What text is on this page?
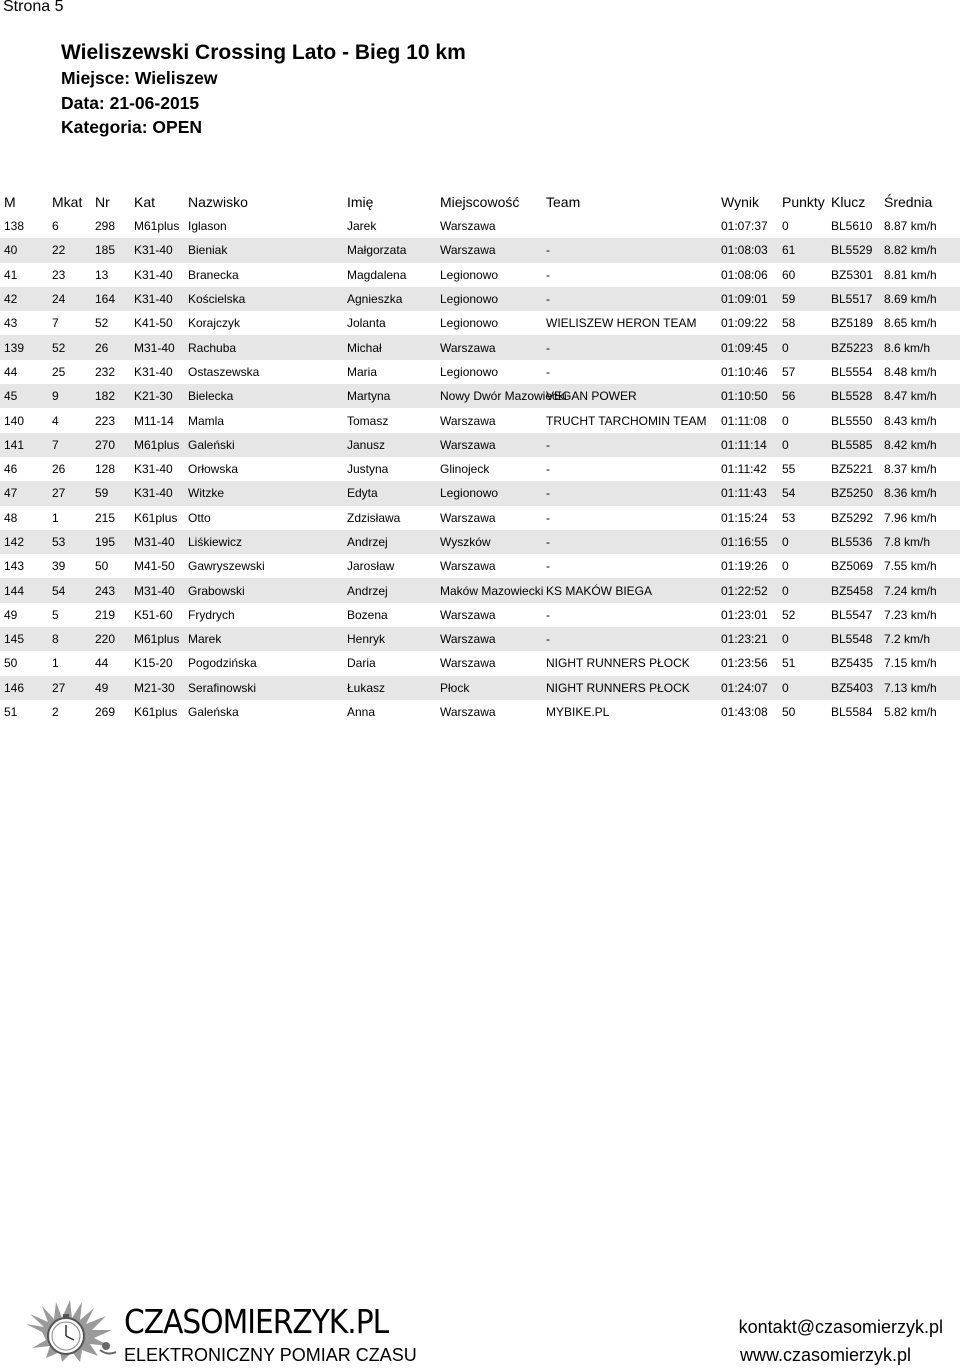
Strona 5
Wieliszewski Crossing Lato - Bieg 10 km
Miejsce: Wieliszew
Data: 21-06-2015
Kategoria: OPEN
M	Mkat	Nr	Kat	Nazwisko	Imię	Miejscowość	Team	Wynik	Punkty	Klucz	Średnia
138	6	298	M61plus	Iglason	Jarek	Warszawa		01:07:37	0	BL5610	8.87 km/h
40	22	185	K31-40	Bieniak	Małgorzata	Warszawa	-	01:08:03	61	BL5529	8.82 km/h
41	23	13	K31-40	Branecka	Magdalena	Legionowo	-	01:08:06	60	BZ5301	8.81 km/h
42	24	164	K31-40	Kościelska	Agnieszka	Legionowo	-	01:09:01	59	BL5517	8.69 km/h
43	7	52	K41-50	Korajczyk	Jolanta	Legionowo	WIELISZEW HERON TEAM	01:09:22	58	BZ5189	8.65 km/h
139	52	26	M31-40	Rachuba	Michał	Warszawa	-	01:09:45	0	BZ5223	8.6 km/h
44	25	232	K31-40	Ostaszewska	Maria	Legionowo	-	01:10:46	57	BL5554	8.48 km/h
45	9	182	K21-30	Bielecka	Martyna	Nowy Dwór Mazowiecki	VEGAN POWER	01:10:50	56	BL5528	8.47 km/h
140	4	223	M11-14	Mamla	Tomasz	Warszawa	TRUCHT TARCHOMIN TEAM	01:11:08	0	BL5550	8.43 km/h
141	7	270	M61plus	Galeński	Janusz	Warszawa	-	01:11:14	0	BL5585	8.42 km/h
46	26	128	K31-40	Orłowska	Justyna	Glinojeck	-	01:11:42	55	BZ5221	8.37 km/h
47	27	59	K31-40	Witzke	Edyta	Legionowo	-	01:11:43	54	BZ5250	8.36 km/h
48	1	215	K61plus	Otto	Zdzisława	Warszawa	-	01:15:24	53	BZ5292	7.96 km/h
142	53	195	M31-40	Liśkiewicz	Andrzej	Wyszków	-	01:16:55	0	BL5536	7.8 km/h
143	39	50	M41-50	Gawryszewski	Jarosław	Warszawa	-	01:19:26	0	BZ5069	7.55 km/h
144	54	243	M31-40	Grabowski	Andrzej	Maków Mazowiecki	KS MAKÓW BIEGA	01:22:52	0	BZ5458	7.24 km/h
49	5	219	K51-60	Frydrych	Bozena	Warszawa	-	01:23:01	52	BL5547	7.23 km/h
145	8	220	M61plus	Marek	Henryk	Warszawa	-	01:23:21	0	BL5548	7.2 km/h
50	1	44	K15-20	Pogodzińska	Daria	Warszawa	NIGHT RUNNERS PŁOCK	01:23:56	51	BZ5435	7.15 km/h
146	27	49	M21-30	Serafinowski	Łukasz	Płock	NIGHT RUNNERS PŁOCK	01:24:07	0	BZ5403	7.13 km/h
51	2	269	K61plus	Galeńska	Anna	Warszawa	MYBIKE.PL	01:43:08	50	BL5584	5.82 km/h
CZASOMIERZYK.PL
ELEKTRONICZNY POMIAR CZASU
kontakt@czasomierzyk.pl
www.czasomierzyk.pl
